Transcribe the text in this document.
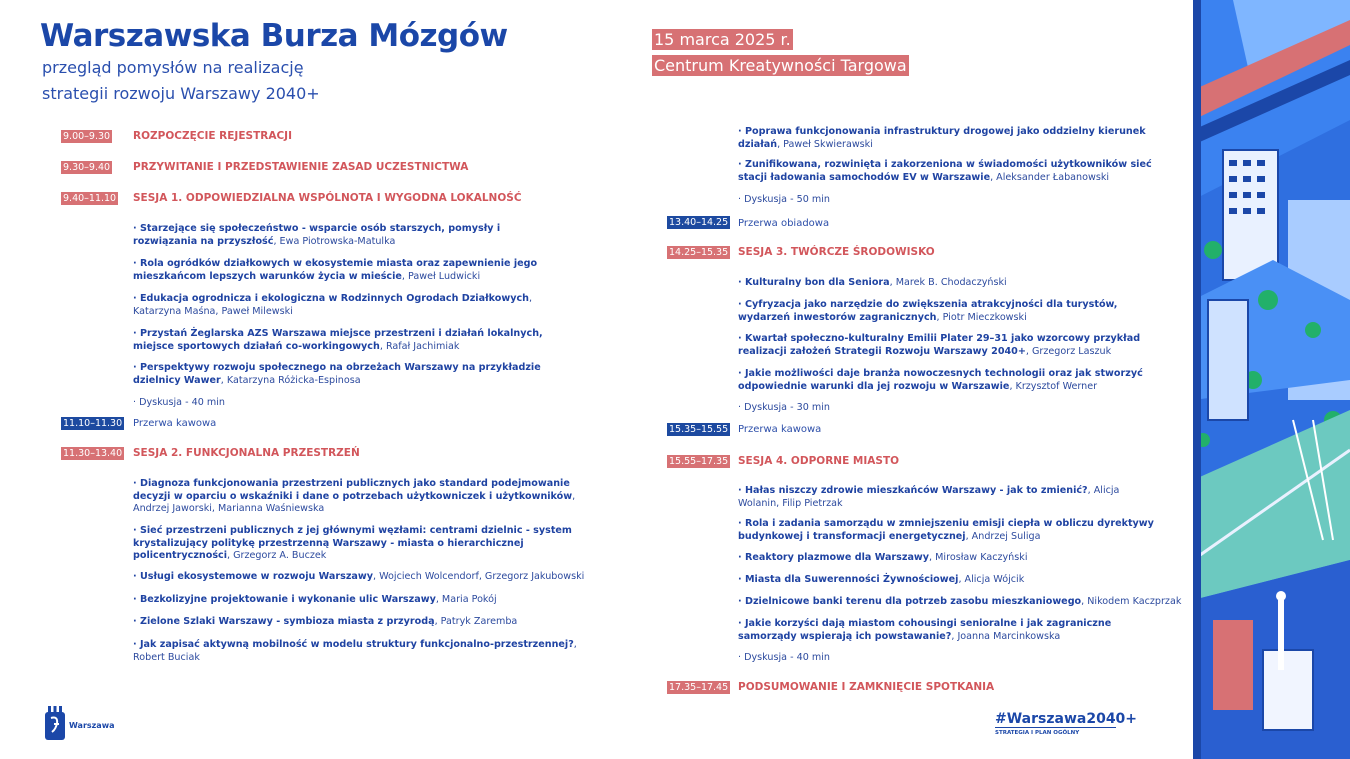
Warszawska Burza Mózgów
przegląd pomysłów na realizację
strategii rozwoju Warszawy 2040+
15 marca 2025 r.
Centrum Kreatywności Targowa
9.00–9.30 ROZPOCZĘCIE REJESTRACJI
9.30–9.40 PRZYWITANIE I PRZEDSTAWIENIE ZASAD UCZESTNICTWA
9.40–11.10 SESJA 1. ODPOWIEDZIALNA WSPÓLNOTA I WYGODNA LOKALNOŚĆ
· Starzejące się społeczeństwo - wsparcie osób starszych, pomysły i rozwiązania na przyszłość, Ewa Piotrowska-Matulka
· Rola ogródków działkowych w ekosystemie miasta oraz zapewnienie jego mieszkańcom lepszych warunków życia w mieście, Paweł Ludwicki
· Edukacja ogrodnicza i ekologiczna w Rodzinnych Ogrodach Działkowych, Katarzyna Maśna, Paweł Milewski
· Przystań Żeglarska AZS Warszawa miejsce przestrzeni i działań lokalnych, miejsce sportowych działań co-workingowych, Rafał Jachimiak
· Perspektywy rozwoju społecznego na obrzeżach Warszawy na przykładzie dzielnicy Wawer, Katarzyna Różicka-Espinosa
· Dyskusja - 40 min
11.10–11.30 Przerwa kawowa
11.30–13.40 SESJA 2. FUNKCJONALNA PRZESTRZEŃ
· Diagnoza funkcjonowania przestrzeni publicznych jako standard podejmowanie decyzji w oparciu o wskaźniki i dane o potrzebach użytkowniczek i użytkowników, Andrzej Jaworski, Marianna Waśniewska
· Sieć przestrzeni publicznych z jej głównymi węzłami: centrami dzielnic - system krystalizujący politykę przestrzenną Warszawy - miasta o hierarchicznej policentryczności, Grzegorz A. Buczek
· Usługi ekosystemowe w rozwoju Warszawy, Wojciech Wolcendorf, Grzegorz Jakubowski
· Bezkolizyjne projektowanie i wykonanie ulic Warszawy, Maria Pokój
· Zielone Szlaki Warszawy - symbioza miasta z przyrodą, Patryk Zaremba
· Jak zapisać aktywną mobilność w modelu struktury funkcjonalno-przestrzennej?, Robert Buciak
· Poprawa funkcjonowania infrastruktury drogowej jako oddzielny kierunek działań, Paweł Skwierawski
· Zunifikowana, rozwinięta i zakorzeniona w świadomości użytkowników sieć stacji ładowania samochodów EV w Warszawie, Aleksander Łabanowski
· Dyskusja - 50 min
13.40–14.25 Przerwa obiadowa
14.25–15.35 SESJA 3. TWÓRCZE ŚRODOWISKO
· Kulturalny bon dla Seniora, Marek B. Chodaczyński
· Cyfryzacja jako narzędzie do zwiększenia atrakcyjności dla turystów, wydarzeń inwestorów zagranicznych, Piotr Mieczkowski
· Kwartał społeczno-kulturalny Emilii Plater 29–31 jako wzorcowy przykład realizacji założeń Strategii Rozwoju Warszawy 2040+, Grzegorz Laszuk
· Jakie możliwości daje branża nowoczesnych technologii oraz jak stworzyć odpowiednie warunki dla jej rozwoju w Warszawie, Krzysztof Werner
· Dyskusja - 30 min
15.35–15.55 Przerwa kawowa
15.55–17.35 SESJA 4. ODPORNE MIASTO
· Hałas niszczy zdrowie mieszkańców Warszawy - jak to zmienić?, Alicja Wolanin, Filip Pietrzak
· Rola i zadania samorządu w zmniejszeniu emisji ciepła w obliczu dyrektywy budynkowej i transformacji energetycznej, Andrzej Suliga
· Reaktory plazmowe dla Warszawy, Mirosław Kaczyński
· Miasta dla Suwerenności Żywnościowej, Alicja Wójcik
· Dzielnicowe banki terenu dla potrzeb zasobu mieszkaniowego, Nikodem Kaczprzak
· Jakie korzyści dają miastom cohousingi senioralne i jak zagraniczne samorządy wspierają ich powstawanie?, Joanna Marcinkowska
· Dyskusja - 40 min
17.35–17.45 PODSUMOWANIE I ZAMKNIĘCIE SPOTKANIA
Warszawa	#Warszawa2040+
STRATEGIA I PLAN OGÓLNY
